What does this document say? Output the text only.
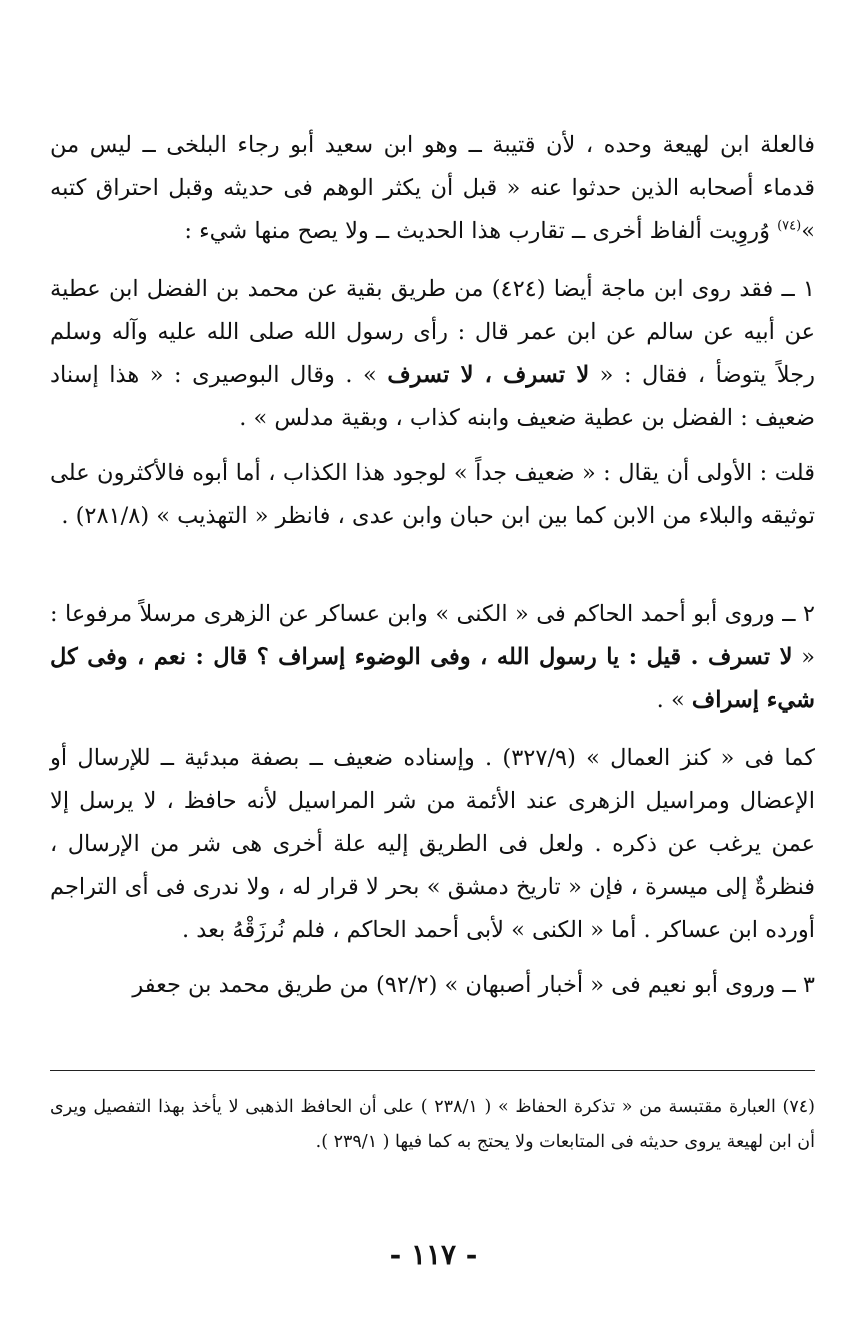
فالعلة ابن لهيعة وحده ، لأن قتيبة ــ وهو ابن سعيد أبو رجاء البلخى ــ ليس من قدماء أصحابه الذين حدثوا عنه « قبل أن يكثر الوهم فى حديثه وقبل احتراق كتبه »$^{(٧٤)}$ وُروِيت ألفاظ أخرى ــ تقارب هذا الحديث ــ ولا يصح منها شيء :

١ ــ فقد روى ابن ماجة أيضا (٤٢٤) من طريق بقية عن محمد بن الفضل ابن عطية عن أبيه عن سالم عن ابن عمر قال : رأى رسول الله صلى الله عليه وآله وسلم رجلاً يتوضأ ، فقال : « لا تسرف ، لا تسرف » . وقال البوصيرى : « هذا إسناد ضعيف : الفضل بن عطية ضعيف وابنه كذاب ، وبقية مدلس » .

قلت : الأولى أن يقال : « ضعيف جداً » لوجود هذا الكذاب ، أما أبوه فالأكثرون على توثيقه والبلاء من الابن كما بين ابن حبان وابن عدى ، فانظر « التهذيب » (٢٨١/٨) .

٢ ــ وروى أبو أحمد الحاكم فى « الكنى » وابن عساكر عن الزهرى مرسلاً مرفوعا : « لا تسرف . قيل : يا رسول الله ، وفى الوضوء إسراف ؟ قال : نعم ، وفى كل شيء إسراف » .

كما فى « كنز العمال » (٣٢٧/٩) . وإسناده ضعيف ــ بصفة مبدئية ــ للإرسال أو الإعضال ومراسيل الزهرى عند الأئمة من شر المراسيل لأنه حافظ ، لا يرسل إلا عمن يرغب عن ذكره . ولعل فى الطريق إليه علة أخرى هى شر من الإرسال ، فنظرةٌ إلى ميسرة ، فإن « تاريخ دمشق » بحر لا قرار له ، ولا ندرى فى أى التراجم أورده ابن عساكر . أما « الكنى » لأبى أحمد الحاكم ، فلم نُرزَقْهُ بعد .

٣ ــ وروى أبو نعيم فى « أخبار أصبهان » (٩٢/٢) من طريق محمد بن جعفر

(٧٤) العبارة مقتبسة من « تذكرة الحفاظ » ( ٢٣٨/١ ) على أن الحافظ الذهبى لا يأخذ بهذا التفصيل ويرى أن ابن لهيعة يروى حديثه فى المتابعات ولا يحتج به كما فيها ( ٢٣٩/١ ).

- ١١٧ -
